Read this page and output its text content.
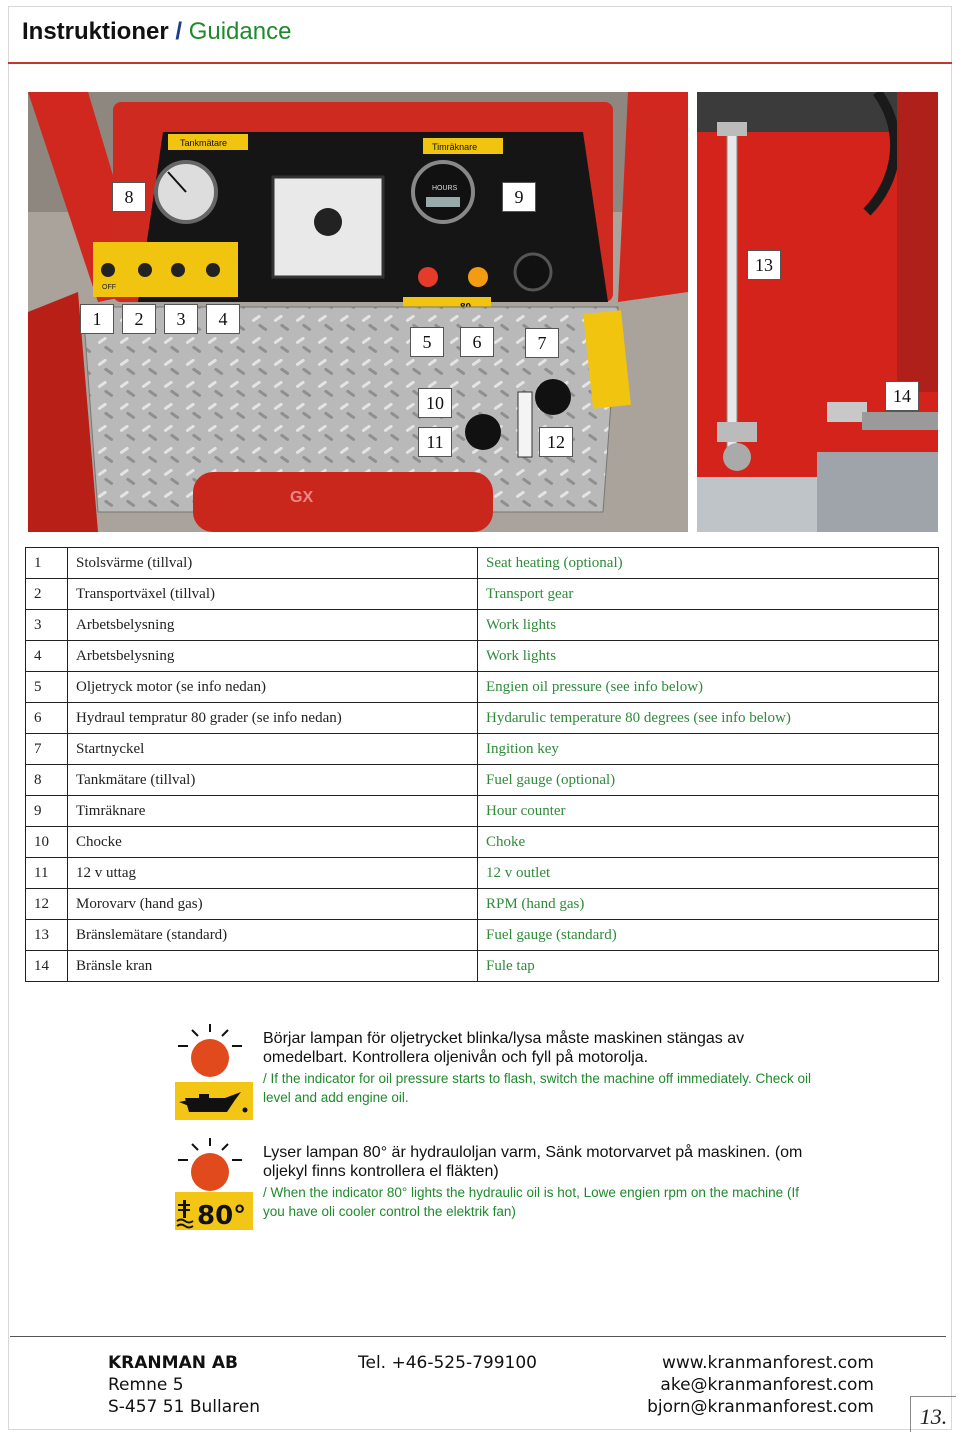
Instruktioner / Guidance
Tankmätare	Timräknare
HOURS
OFF
GX
8	9
13
1	2	3	4
5	6	7
14
10
11	12
1	Stolsvärme (tillval)	Seat heating (optional)
2	Transportväxel (tillval)	Transport gear
3	Arbetsbelysning	Work lights
4	Arbetsbelysning	Work lights
5	Oljetryck motor (se info nedan)	Engien oil pressure (see info below)
6	Hydraul tempratur 80 grader (se info nedan)	Hydarulic temperature 80 degrees (see info below)
7	Startnyckel	Ingition key
8	Tankmätare (tillval)	Fuel gauge (optional)
9	Timräknare	Hour counter
10	Chocke	Choke
11	12 v uttag	12 v outlet
12	Morovarv (hand gas)	RPM (hand gas)
13	Bränslemätare (standard)	Fuel gauge (standard)
14	Bränsle kran	Fule tap
Börjar lampan för oljetrycket blinka/lysa måste maskinen stängas av omedelbart. Kontrollera oljenivån och fyll på motorolja.
/ If the indicator for oil pressure starts to flash, switch the machine off immediately. Check oil level and add engine oil.
80°
Lyser lampan 80° är hydrauloljan varm, Sänk motorvarvet på maskinen. (om oljekyl finns kontrollera el fläkten)
/ When the indicator 80° lights the hydraulic oil is hot, Lowe engien rpm on the machine (If you have oli cooler control the elektrik fan)
KRANMAN AB
Remne 5
S-457 51 Bullaren
Tel. +46-525-799100	www.kranmanforest.com
ake@kranmanforest.com
bjorn@kranmanforest.com	13.
